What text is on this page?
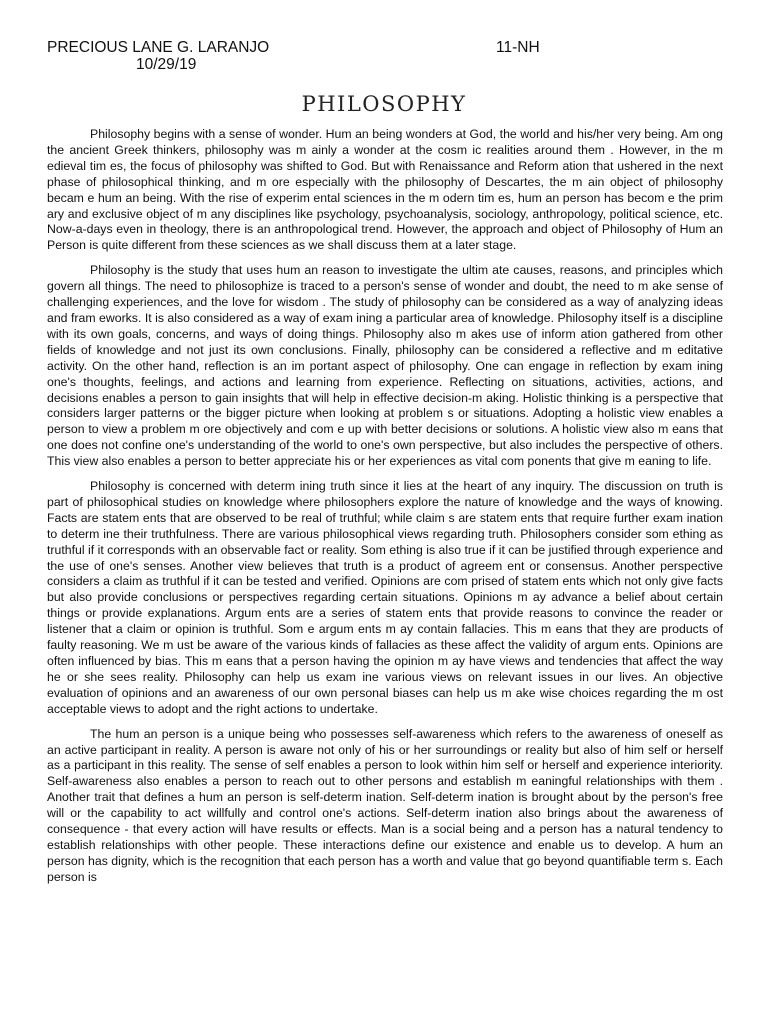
PRECIOUS LANE G. LARANJO	11-NH
10/29/19
PHILOSOPHY

Philosophy begins with a sense of wonder. Hum an being wonders at God, the world and his/her very being. Am ong the ancient Greek thinkers, philosophy was m ainly a wonder at the cosm ic realities around them . However, in the m edieval tim es, the focus of philosophy was shifted to God. But with Renaissance and Reform ation that ushered in the next phase of philosophical thinking, and m ore especially with the philosophy of Descartes, the m ain object of philosophy becam e hum an being. With the rise of experim ental sciences in the m odern tim es, hum an person has becom e the prim ary and exclusive object of m any disciplines like psychology, psychoanalysis, sociology, anthropology, political science, etc. Now-a-days even in theology, there is an anthropological trend. However, the approach and object of Philosophy of Hum an Person is quite different from these sciences as we shall discuss them at a later stage.

Philosophy is the study that uses hum an reason to investigate the ultim ate causes, reasons, and principles which govern all things. The need to philosophize is traced to a person's sense of wonder and doubt, the need to m ake sense of challenging experiences, and the love for wisdom . The study of philosophy can be considered as a way of analyzing ideas and fram eworks. It is also considered as a way of exam ining a particular area of knowledge. Philosophy itself is a discipline with its own goals, concerns, and ways of doing things. Philosophy also m akes use of inform ation gathered from other fields of knowledge and not just its own conclusions. Finally, philosophy can be considered a reflective and m editative activity. On the other hand, reflection is an im portant aspect of philosophy. One can engage in reflection by exam ining one's thoughts, feelings, and actions and learning from experience. Reflecting on situations, activities, actions, and decisions enables a person to gain insights that will help in effective decision-m aking. Holistic thinking is a perspective that considers larger patterns or the bigger picture when looking at problem s or situations. Adopting a holistic view enables a person to view a problem m ore objectively and com e up with better decisions or solutions. A holistic view also m eans that one does not confine one's understanding of the world to one's own perspective, but also includes the perspective of others. This view also enables a person to better appreciate his or her experiences as vital com ponents that give m eaning to life.

Philosophy is concerned with determ ining truth since it lies at the heart of any inquiry. The discussion on truth is part of philosophical studies on knowledge where philosophers explore the nature of knowledge and the ways of knowing. Facts are statem ents that are observed to be real of truthful; while claim s are statem ents that require further exam ination to determ ine their truthfulness. There are various philosophical views regarding truth. Philosophers consider som ething as truthful if it corresponds with an observable fact or reality. Som ething is also true if it can be justified through experience and the use of one's senses. Another view believes that truth is a product of agreem ent or consensus. Another perspective considers a claim as truthful if it can be tested and verified. Opinions are com prised of statem ents which not only give facts but also provide conclusions or perspectives regarding certain situations. Opinions m ay advance a belief about certain things or provide explanations. Argum ents are a series of statem ents that provide reasons to convince the reader or listener that a claim or opinion is truthful. Som e argum ents m ay contain fallacies. This m eans that they are products of faulty reasoning. We m ust be aware of the various kinds of fallacies as these affect the validity of argum ents. Opinions are often influenced by bias. This m eans that a person having the opinion m ay have views and tendencies that affect the way he or she sees reality. Philosophy can help us exam ine various views on relevant issues in our lives. An objective evaluation of opinions and an awareness of our own personal biases can help us m ake wise choices regarding the m ost acceptable views to adopt and the right actions to undertake.

The hum an person is a unique being who possesses self-awareness which refers to the awareness of oneself as an active participant in reality. A person is aware not only of his or her surroundings or reality but also of him self or herself as a participant in this reality. The sense of self enables a person to look within him self or herself and experience interiority. Self-awareness also enables a person to reach out to other persons and establish m eaningful relationships with them . Another trait that defines a hum an person is self-determ ination. Self-determ ination is brought about by the person's free will or the capability to act willfully and control one's actions. Self-determ ination also brings about the awareness of consequence - that every action will have results or effects. Man is a social being and a person has a natural tendency to establish relationships with other people. These interactions define our existence and enable us to develop. A hum an person has dignity, which is the recognition that each person has a worth and value that go beyond quantifiable term s. Each person is
